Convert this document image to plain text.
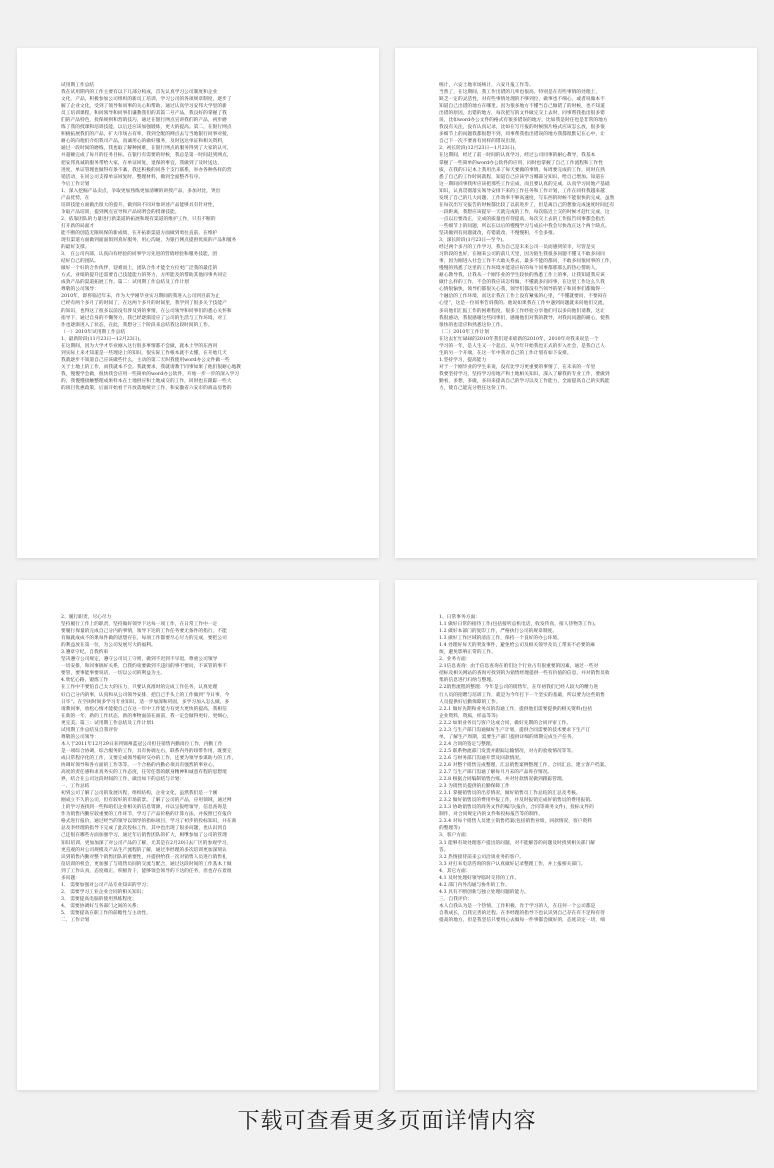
试用期工作总结
我在试用期内的工作主要有以下几部分构成，首先认真学习公司制度和企业
文化、产品，积极参加公司组织的新员工培训，学习公司的各项规章制度，逐步了
解了企业文化，受到了领导和同事的关心和帮助，通过认真学习安邦大学里的新
员工培训课程，和同领导和同事们谦教我们的其篇二号产品，我良好的掌握了我
们的产品特色，投保规则和营销技巧，通过在银行网点宣讲我们的产品，初步磨
练了我的授课和培训技能，以后还应该加强锻炼，更大的提高。第二，在银行网点
积极拓展我们的产品，扩大市场占有率，我到全配的网点去与当地银行同事对接，
耐心的向他们介绍我司产品，真诚用心的做好服务，及时送达单证和相关资料，
通过一段时间的磨练，我也取了解种困难，在银行网点的服务得到了大家的认可，
并超额完成了每月的任务目标，在银行有需要的时候，我总是第一时间赶到网点，
把安邦真诚的服务带给大家，在单证回复，退保的事宜，我做到了及时送达，
进度，单证管理也做得有条不紊，我还积极的同各个支行联系，举办各种各样的营
销活动，在同公司支撑单证回复时，整理材料，做到全面整齐有序。
今后工作计划
1、深入挖掘产品卖点，争取更加熟练更加清晰的讲授产品，多加对比，突出
产品优势，在
培训技能方面做出很大的提升，做到向不同对象讲述产品能够具有针对性，
争取产品培训，提到网点宣导和产品说明会的授课技能。
2、依靠团队的力量进行新渠道的拓展和现有渠道的维护工作，只有不断的
打开新的局面才
能不断的创造无限锐保的新成绩，在开拓新渠道方面做到勇往直前，在维护
现有渠道方面做到面面俱到真好服务，用心沟通，为银行网点提供优质的产品和服务
的最好支撑。
3、 在公司内部，认真向有经验的同事学习先进的营销经验和服务技能，团
结好自己的团队。
做好一个好的合作伙伴，迎难而上，团队合作才能全方位更广泛我的最佳的
方式，业绩的提升还需要自己技能能力的努力，方所能及的帮助其他同事共同完
成效产品的渠道拓展工作。篇二：试用期工作总结及工作计划
尊敬的公司领导：
2010年，即将临近年末，作为大学刚毕业实习期间的我进入公司到目前为止
已经有两个多月了的时间了，在这两个多月的时间里，我学到了很多关于技能产
的知识，也得这了很多以前没有涉及到的事情，在公司领导和同事们的悉心关怀和
指导下，通过自身的不懈努力，我已经逐渐适应了公司的生活与工作环境，对工
作也逐渐进入了状态，在此，我想分三个阶段来总结我这段时间的工作。
（一）2010年试用期工作总结
1、最新阶段(11月23日—12月23日)。
在这期间，因为大学才毕业刚入这行很多事情都不会做，就本土学的东西用
到实际上来才知道是一些理论上的知识，很实际工作根本就不太懂，在开始几天
我就逐步不知道自己应该做些什么，主动的第二天叫我使用word办公文件做一些
关于土地上的工作，而我就本不会。我就要求，我就请教于同事如果了他们很耐心地教
我，慢慢学会做，很快我会应用一些简单的word办公软件，开始一步一步的深入学习
的，我慢慢接触整理成果样本在土地供应和土地成交的工作，同时也在跟踪一些大
的项目优惠政策，后面开始看于开放落地统计工作，和安徽省六安市的商品房售的
统计，六安土地市场统计，六安月报工作等。
当然了，在这期间，我工作出错的几率也很高，特别是在有些事情的处理上，
缺乏一定的灵活性，对有些事情处理的不够到位，做事也不细心，或者说做本不
知道自己出错的地方在哪里。因为很多地方不懂当自己做错了的时候，也不知道
出错的原因，出错的地方，每次把写的文件做完交上去时，同事帮我指出很多错
误，比如word办公文件的格式有很多错误的地方，比如我是时任也是非常的地方
我没有关注，没有认真记录，比如在写月报的时候图片格式应该怎么放，很多很
多细节上的问题我都很想不到，同事帮我指出错误的地方我都很默记在心中，让
自己下一次不要再有同样的错误出现。
2、初长阶段(12月23日—1月23日)。
在这期间，经过了前一时间的认真学习，经过公司同事的耐心教导，我基本
掌握了一些简单的word办公软件的应用，同时也掌握了自己工作流程和工作性
质，在我的日记本上我用出来了每天要做的事情，每周要完成的工作，同时在熟
悉了自己的工作时间就程，知道自己应该学习哪部分知识，给自己增加。知道在
这一期间同事我所应该把那些工作完成，而且要认真的完成，认真学习同地产基础
知识，认真贯彻落实领导安排下来的工作任务和工作计划，工作在同样我越来越
发现了自己的几大问题，工作效率不够高速度，写东西的时候不能很快的完成，虽然
在每次出写交报告的时候都比较了以前进步了，但是离自己的想象完成速度时间还有
一段距离，我想应该提早一天就完成的工作，每次临近上交的时候才赶忙完成，这
一点以后要改正，完成的质量也有待提高，每次交上去的工作报告同事都会指出
一些细节上的问题，所以在以后的慢慢学习与成长中我会尽快改正这个两个缺点。
坚决做到有问题就改，有错就改，不慢慢积，不会多推。
3、深长阶段(1月23日—至今)。
经过两个多月的工作学习，我为自己是未来公司一员而感到荣幸，尽管是实
习阶段的也好，在刚来公司的前几天里，因为陌生我很多问题不懂又不敢多问同
事，因为刚进入社会工作不大敢关系去，最多不能的都问，不敢多问很同事的工作，
慢慢的熟悉了这里的工作环境并能适应好的每个同事都那那么的热心帮助人，
耐心教导我，让我从一个刚毕业的学生较快的熟悉工作上的事，让我知道我应该
做什么样的工作，不会的我应该怎样做，不懂就多问同事，在这里工作这么久我
心情很愉快，领导们都很关心我，领导们都没有当领导的架子和同事们都做得一
个融洽的工作环境，而这让我在工作上没有紧张的心里，“不懂就要问，不要闷在
心里”，这是一位同事告诉我的。他说如果我在工作中遇到问题就来问他们交流，
多向他们汇报工作的困难程度，很多工作经验分享他们可以多向他们请教，这让
我很感动，我很感谢这些同事们，感谢他们对我的教导，对我问问题的耐心，使我
很快的也适应和熟悉这份工作。
（二）2010年工作计划
在这去忙忙碌碌的2010年我们迎来崭新的2010年，2010年对我来说是一个
学习的一年，是人生又一个起点，从今年开始我也正式的步入社会，是我自己人
生的另一个开端，在这一年中我对自己的工作计划有如下安排。
1.坚持学习，提高能力
对于一个刚毕业的学生来说，没有比学习更重要的事情了，在未来的一年里
我要坚持学习，坚持学习房地产和土地相关知识，深入了解我的专业工作，要做到
勤看，多想，多做，多问来提高自己的学习以及工作能力，全面提高自己的实践能
力，使自己能充分胜任这份工作。
2、履行职责，尽心尽力
坚持履行工作上的职责，坚持做好领导下达每一项工作，在日常工作中一定
要履行保量的完成自己分内的事情，领导下达的工作任务要无条件的指行，不能
有做就成成不的果每件做的思想存在，每项工作都要尽心尽力的完成，要把公司
的利益放在第一位，为公司发展尽大的福利。
3.遵章守纪，自我约束
坚决遵守公司规定，遵守公司员工守则，做到不迟到不早退，尊重公司领导
一切安排，和同事搞好关系，自我约束要做到不违问的事不要问，不该管的事不
要管，要事能事要说话，一切以公司的利益为主。
4.欣忆心路，锻炼工作
在工作中不要怕自己太大的压力，只要认真准时的完成工作任务，认真处理
好自己分内的事，认真和从公司领导安排，把自己手头上的工作做到“今日事，今
日毕”。在空闲时间多学习专业知识，适一步加深和巩固，多学习加入怎么做，多
请教同事，放松心情才能使自己在这一年中工作能力有更大更快的提高，我相信
在新的一年，新的工作状态，新的事物面前在面前，我一定会做得更好，更细心，
更完美。篇三：试用期工作总结及工作计划1
试用期工作总结及自我评价
尊敬的公司领导：
本人于2011年12月29日来到锦州蓝冠公司担任销售内勤岗位工作，内勤工作
是一项综合协调，综合服务的工作，具有协调左右，联系内外的纽带作用，既要完
成日常程序化的工作，又要完成领导临时交办的工作，还要为领导参谋助力的工作，
协调好领导和各方面的工作等等。一个合格的内勤必须具有强烈的事业心，
高度的责任感和求真务实的工作态度，任劳任怨的献身精神和诚意有程的思想境
界，结合在公司这段时间的工作，做出如下的总结与计划：
一、工作总结
初到公司了解了公司的发展历程，组织结构，企业文化，虽然我们是一个刚
刚成立不久的公司，但有较好的市场前景。了解了公司的产品，应用领域，通过网
上的学习查找到一些和咱们企业相关的信息资源，并以呈报给领导，信息查询是
作为销售内勤应较重要的工作环节，学习了产品价格的计算方法，并按照已有报价
格式进行报价，通过经当的领导以领导的指标项目，学习了初步的投标知识，并在商
总及李经理的指导下完成了此次投标工作，其中也出现了很多问题，也认识到自
己还很在哪些方面加强学习，通过年后销售团队的扩大，相继参加了公司的管理
知识培训，更加加深了对公司产品的了解，尤其是在2月20日去厂区的参观学习，
更直观的对公司规模及产品生产流程的了解，通过李经理的多次培训更加深刻认
识到销售内勤对整个销售团队的重要性，并提供给我一次对销售人员进行销售礼
仪培训的机会，更加强了与销售员间的交流与配合，通过这段时间的工作基本上做
到了工作认真，态度端正，积极肯干，能够领会领导的下达的任务，但也存在着很
多问题：
1、 需要加强对公司产品专业知识的学习；
2、 需要学习工业企业合同的相关知识；
3、 需要提高电脑的使用熟练程度；
4、 需要协调好与各部门之间的关系；
5、 需要提高在职工作的前瞻性与主动性。
二、工作计划
1、日常事务方面：
1.1 做好日常的接待工作(包括接听总机电话，收发传真，接人待物等工作)。
1.2 做好本部门的复印工作，严格执行公司的规章制度。
1.3 做好工作区域的清洁工作，保持一个良好的办公环境。
1.4 处理好每天的突发事件，避免给公司及相关领导及员工带来不必要的麻
烦，避免影响正常的工作。
2、业务方面：
2.1信息查询：由于信息查询在咱们这个行业占有很重要的因素，通过一些对
招标及相关网站的查询可找到的为销售经理提供一些有价值的信息，并对销售员收
集的信息进行归纳与整理。
2.2销售流程的整理：今年是公司的销售年，在年初我们已经人较大的精力进
行人员的招聘与培训工作，就是为今年打下一个坚实的基础，所以要为这些销售
人员提供好后勤保障的工作。
2.2.1 做好先期和业务员的沟通工作，提供他们需要提供的相关资料(包括
企业资料，资质，样品等等)
2.2.2 如果业务员与客户达成合同，做好先期的合同评审工作。
2.2.3 与生产部门沟通做好生产计划，提供合同需要的技术要求下生产订
单，了解生产周期，需要生产部门提供详细的周期完成生产任务。
2.2.4 合同的签定与整理。
2.2.5 联系物流部门发货并跟踪运输情况，对方的验收情况等等。
2.2.6 与财务部门沟通开票及回款情况。
2.2.6 对整个销售完成整理，汇总销售案例整理工作，合同汇总，建立客户档案。
2.2.7 与生产部门沟通了解每月月末的产品库存情况。
2.2.8 根据合同编制销售台账。并对付款情况做到跟踪管理。
2.3 为销售员提供的后勤保障工作
2.3.1 掌握销售员的出差情况，做好销售员工作总结的汇总及考核。
2.3.2 做好销售员的费用申报工作，并及时报销完成好销售员的费用报销。
2.3.3 协助销售员的商务文件的编写(报价，合同等商务文件)，投标文件的
制作，对合同规定内的文件和投标报告等的制作。
2.3.4 对每个销售人员建立销售档案(包括销售业绩，回款情况，客户资料
的整理等)
3、客户方面：
3.1 能够有效处理客户提出的问题，对不能解答的问题及时找到相关部门解
答。
3.2 热情接待前来公司洽谈业务的客户。
3.3 对打来电话咨询的客户认真做好记录整理工作，并上报相关部门。
4、其它方面：
4.1 及时处理好领导临时交待的工作。
4.2 部门内外沟通与协作的工作。
4.3 具有不断创新与独立处理问题的能力。
三、自我评价：
本人自我认为是一个热情，工作积极，肯于学习的人，在任何一个公司都是
自我成长，自我完善的过程。在李经理的指导下也认识到自己存在有不足和有待
提高的地方，但是我坚信只要用心去做每一件事都会做好的，态度决定一切，细
下载可查看更多页面详情内容
